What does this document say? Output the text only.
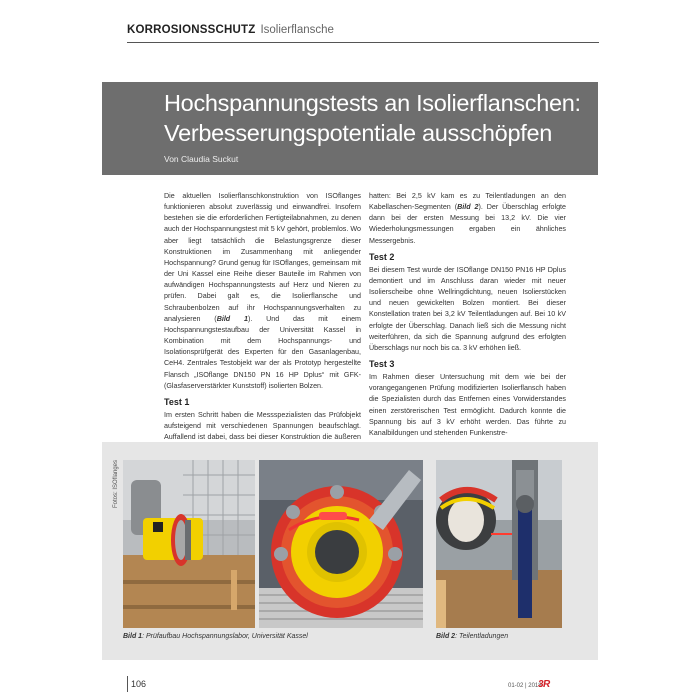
KORROSIONSSCHUTZ Isolierflansche
Hochspannungstests an Isolierflanschen:
Verbesserungspotentiale ausschöpfen
Von Claudia Suckut

Die aktuellen Isolierflanschkonstruktion von ISOflanges funktionieren absolut zuverlässig und einwandfrei. Insofern bestehen sie die erforderlichen Fertigteilabnahmen, zu denen auch der Hochspannungstest mit 5 kV gehört, problemlos. Wo aber liegt tatsächlich die Belastungsgrenze dieser Konstruktionen im Zusammenhang mit anliegender Hochspannung? Grund genug für ISOflanges, gemeinsam mit der Uni Kassel eine Reihe dieser Bauteile im Rahmen von aufwändigen Hochspannungstests auf Herz und Nieren zu prüfen. Dabei galt es, die Isolierflansche und Schraubenbolzen auf ihr Hochspannungsverhalten zu analysieren (Bild 1). Und das mit einem Hochspannungstestaufbau der Universität Kassel in Kombination mit dem Hochspannungs- und Isolationsprüfgerät des Experten für den Gasanlagenbau, CeH4. Zentrales Testobjekt war der als Prototyp hergestellte Flansch „ISOflange DN150 PN 16 HP Dplus“ mit GFK- (Glasfaserverstärkter Kunststoff) isolierten Bolzen.

Test 1

Im ersten Schritt haben die Messspezialisten das Prüfobjekt aufsteigend mit verschiedenen Spannungen beaufschlagt. Auffallend ist dabei, dass bei dieser Konstruktion die äußeren

hatten: Bei 2,5 kV kam es zu Teilentladungen an den Kabellaschen-Segmenten (Bild 2). Der Überschlag erfolgte dann bei der ersten Messung bei 13,2 kV. Die vier Wiederholungsmessungen ergaben ein ähnliches Messergebnis.

Test 2

Bei diesem Test wurde der ISOflange DN150 PN16 HP Dplus demontiert und im Anschluss daran wieder mit neuer Isolierscheibe ohne Wellringdichtung, neuen Isolierstücken und neuen gewickelten Bolzen montiert. Bei dieser Konstellation traten bei 3,2 kV Teilentladungen auf. Bei 10 kV erfolgte der Überschlag. Danach ließ sich die Messung nicht weiterführen, da sich die Spannung aufgrund des erfolgten Überschlags nur noch bis ca. 3 kV erhöhen ließ.

Test 3

Im Rahmen dieser Untersuchung mit dem wie bei der vorangegangenen Prüfung modifizierten Isolierflansch haben die Spezialisten durch das Entfernen eines Vorwiderstandes einen zerstörerischen Test ermöglicht. Dadurch konnte die Spannung bis auf 3 kV erhöht werden. Das führte zu Kanalbildungen und stehenden Funkenstre-

Fotos: ISOflanges
Bild 1: Prüfaufbau Hochspannungslabor, Universität Kassel	Bild 2: Teilentladungen
106	01-02 | 2018
3R
